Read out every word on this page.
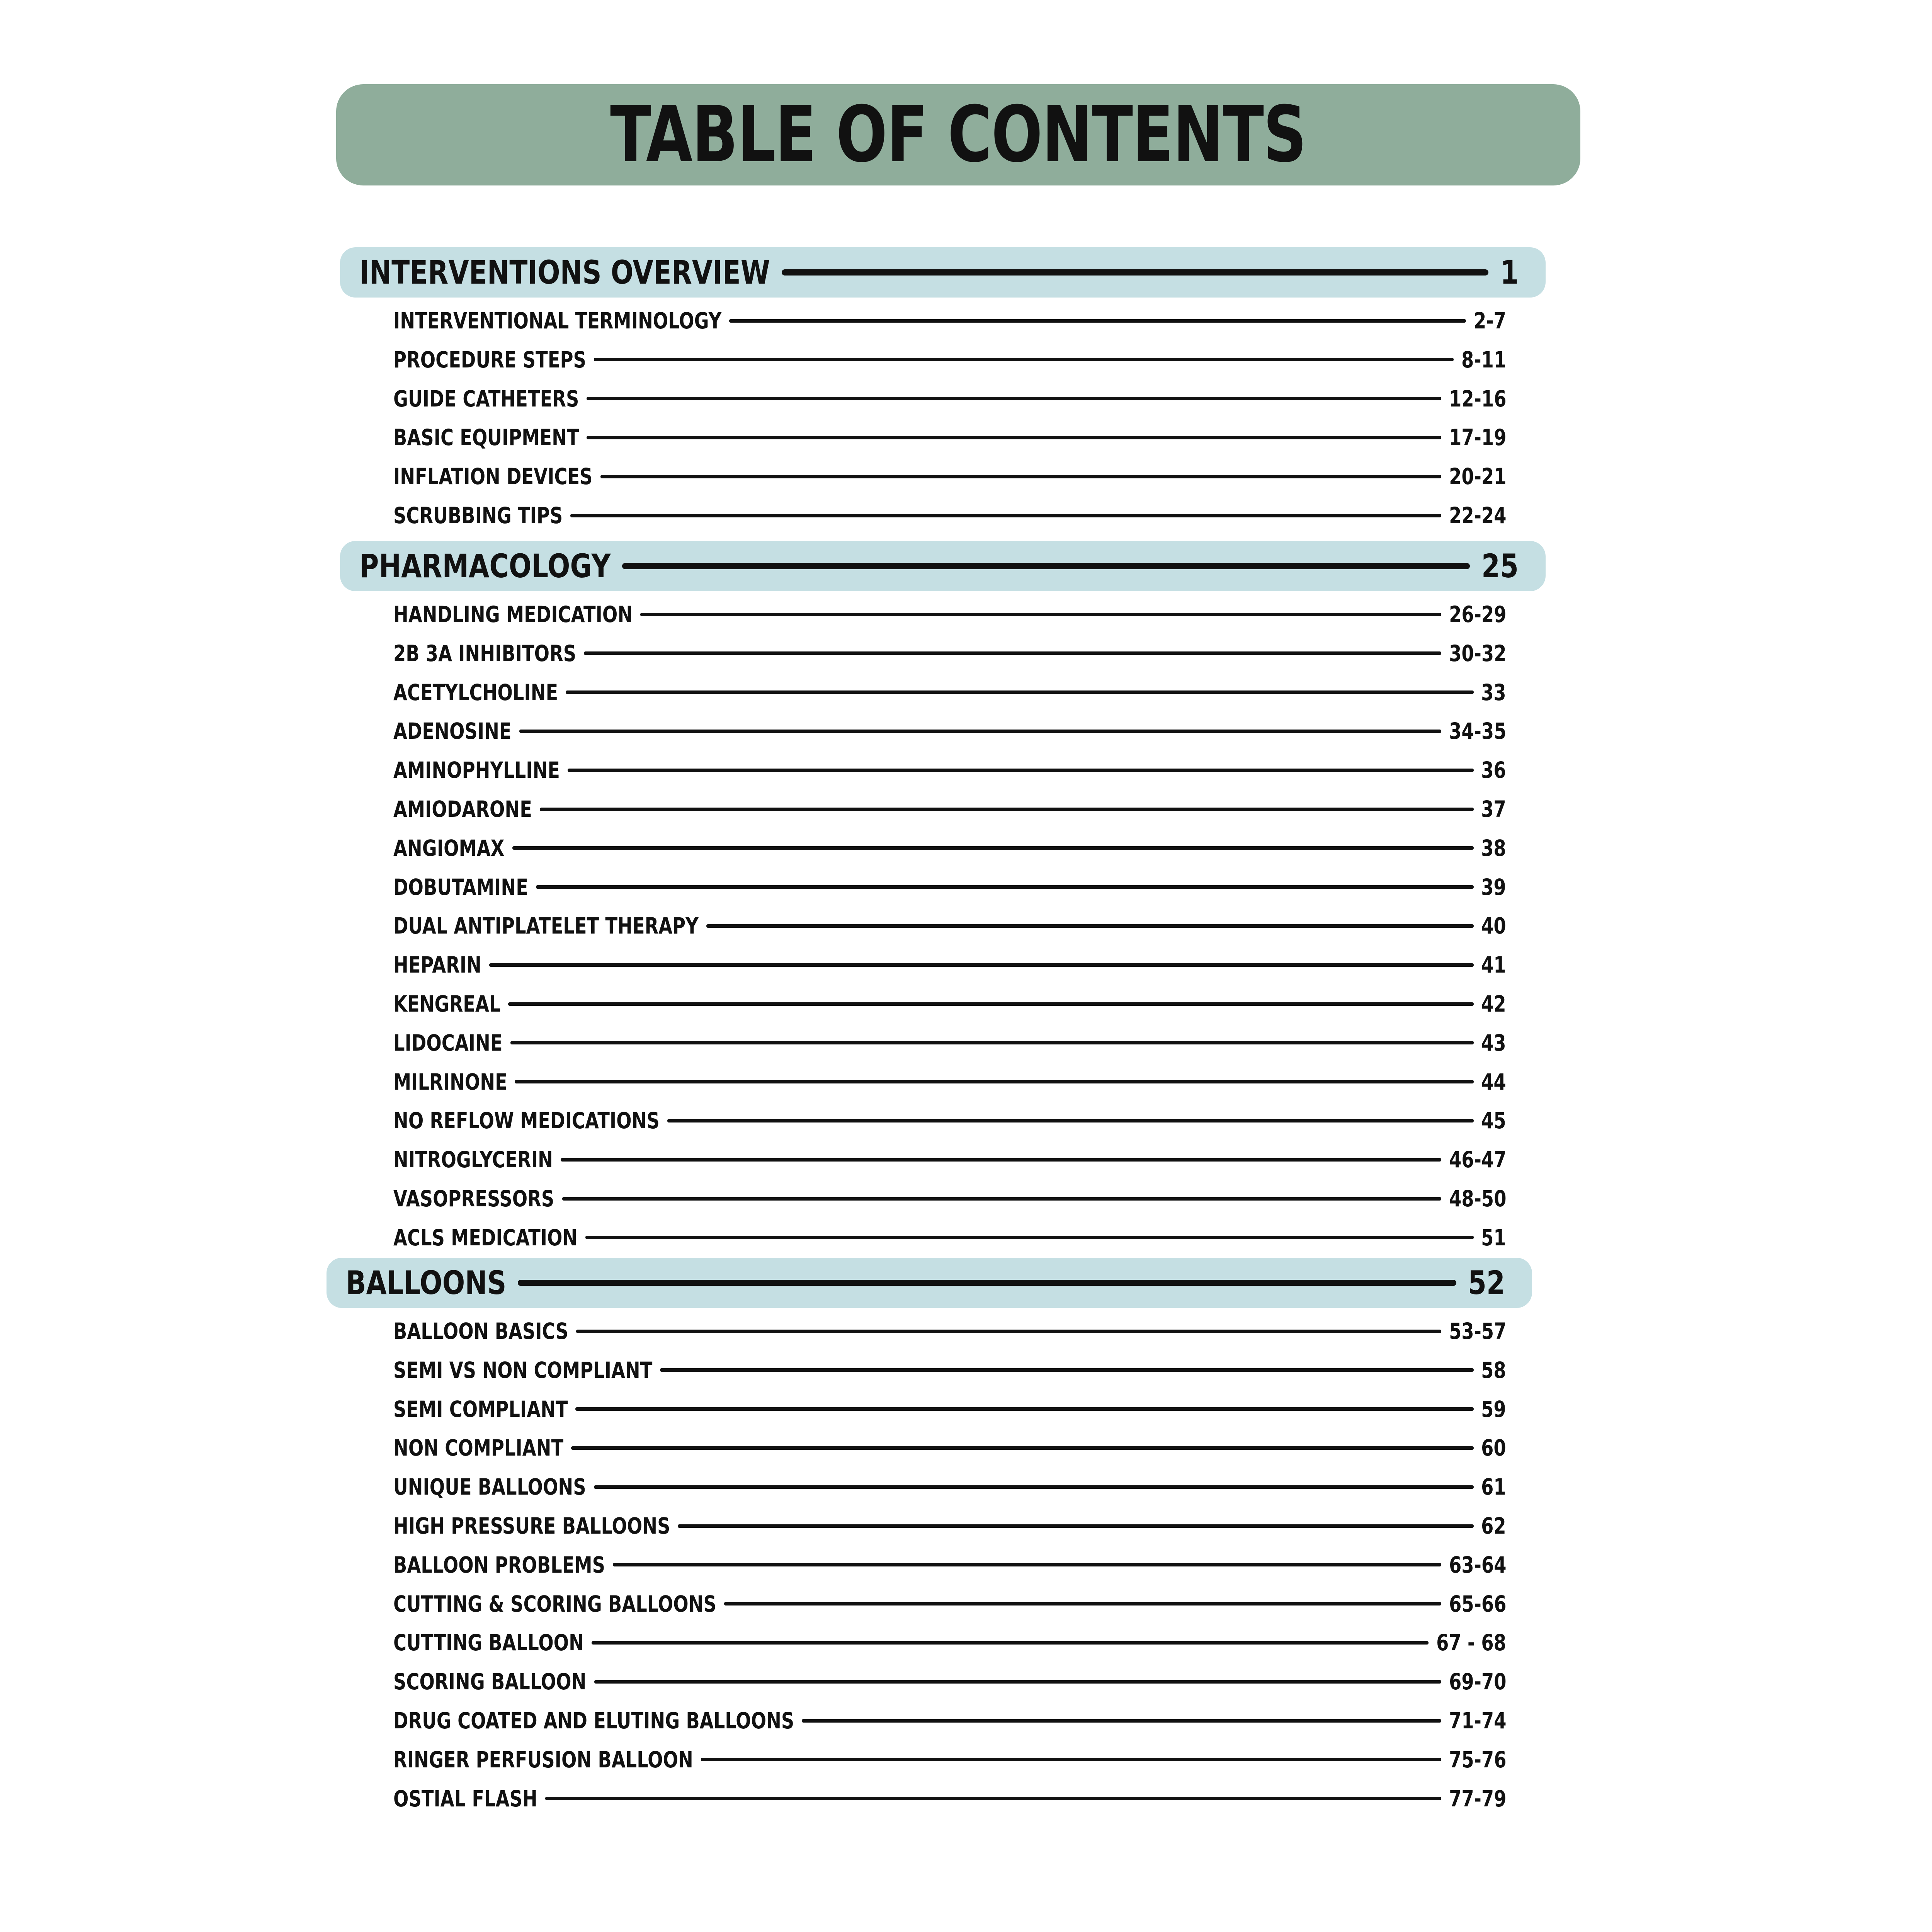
TABLE OF CONTENTS
INTERVENTIONS OVERVIEW	1
INTERVENTIONAL TERMINOLOGY	2-7
PROCEDURE STEPS	8-11
GUIDE CATHETERS	12-16
BASIC EQUIPMENT	17-19
INFLATION DEVICES	20-21
SCRUBBING TIPS	22-24
PHARMACOLOGY	25
HANDLING MEDICATION	26-29
2B 3A INHIBITORS	30-32
ACETYLCHOLINE	33
ADENOSINE	34-35
AMINOPHYLLINE	36
AMIODARONE	37
ANGIOMAX	38
DOBUTAMINE	39
DUAL ANTIPLATELET THERAPY	40
HEPARIN	41
KENGREAL	42
LIDOCAINE	43
MILRINONE	44
NO REFLOW MEDICATIONS	45
NITROGLYCERIN	46-47
VASOPRESSORS	48-50
ACLS MEDICATION	51
BALLOONS	52
BALLOON BASICS	53-57
SEMI VS NON COMPLIANT	58
SEMI COMPLIANT	59
NON COMPLIANT	60
UNIQUE BALLOONS	61
HIGH PRESSURE BALLOONS	62
BALLOON PROBLEMS	63-64
CUTTING & SCORING BALLOONS	65-66
CUTTING BALLOON	67 - 68
SCORING BALLOON	69-70
DRUG COATED AND ELUTING BALLOONS	71-74
RINGER PERFUSION BALLOON	75-76
OSTIAL FLASH	77-79
